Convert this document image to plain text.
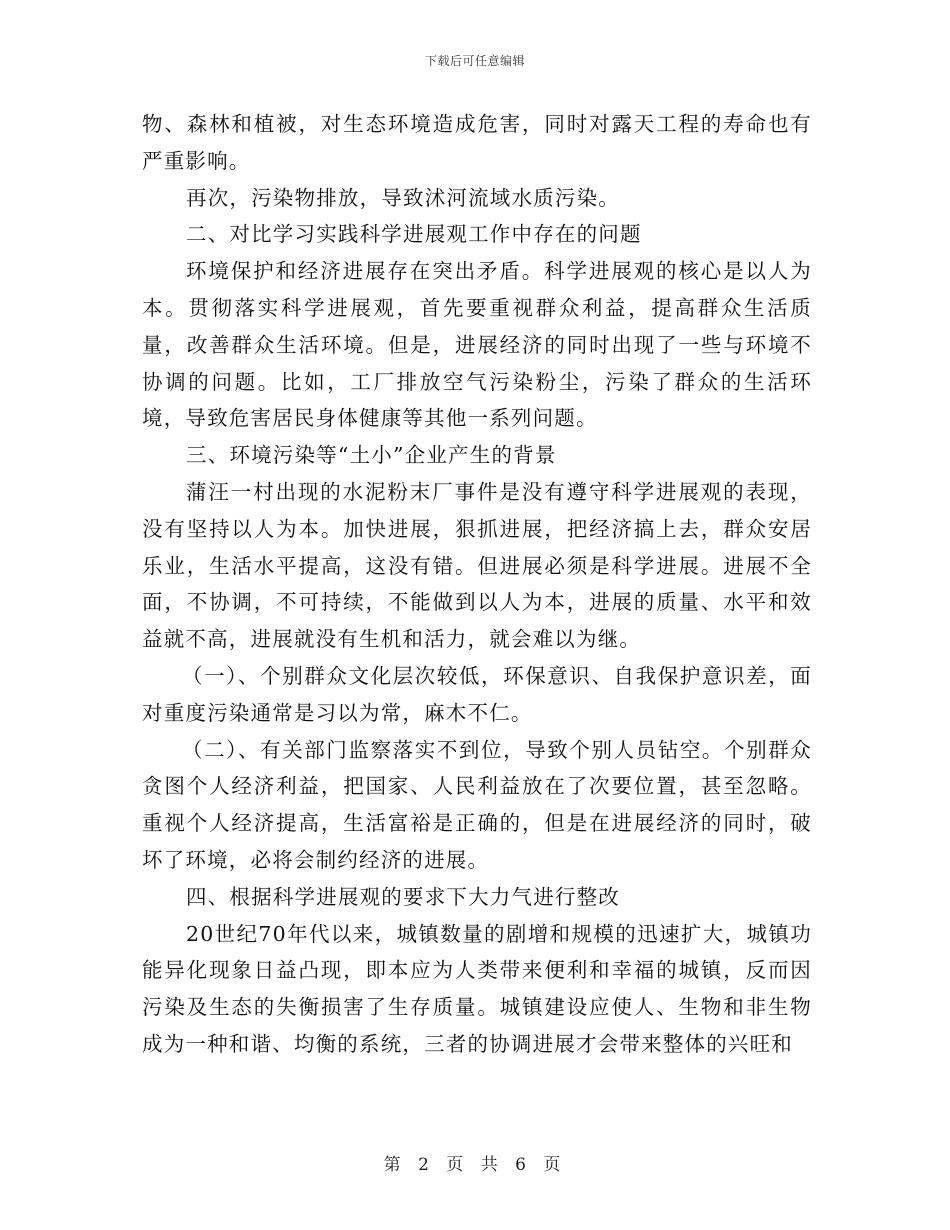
下载后可任意编辑

物、森林和植被，对生态环境造成危害，同时对露天工程的寿命也有严重影响。

再次，污染物排放，导致沭河流域水质污染。

二、对比学习实践科学进展观工作中存在的问题

环境保护和经济进展存在突出矛盾。科学进展观的核心是以人为本。贯彻落实科学进展观，首先要重视群众利益，提高群众生活质量，改善群众生活环境。但是，进展经济的同时出现了一些与环境不协调的问题。比如，工厂排放空气污染粉尘，污染了群众的生活环境，导致危害居民身体健康等其他一系列问题。

三、环境污染等“土小”企业产生的背景

蒲汪一村出现的水泥粉末厂事件是没有遵守科学进展观的表现，没有坚持以人为本。加快进展，狠抓进展，把经济搞上去，群众安居乐业，生活水平提高，这没有错。但进展必须是科学进展。进展不全面，不协调，不可持续，不能做到以人为本，进展的质量、水平和效益就不高，进展就没有生机和活力，就会难以为继。

（一）、个别群众文化层次较低，环保意识、自我保护意识差，面对重度污染通常是习以为常，麻木不仁。

（二）、有关部门监察落实不到位，导致个别人员钻空。个别群众贪图个人经济利益，把国家、人民利益放在了次要位置，甚至忽略。重视个人经济提高，生活富裕是正确的，但是在进展经济的同时，破坏了环境，必将会制约经济的进展。

四、根据科学进展观的要求下大力气进行整改

20世纪70年代以来，城镇数量的剧增和规模的迅速扩大，城镇功能异化现象日益凸现，即本应为人类带来便利和幸福的城镇，反而因污染及生态的失衡损害了生存质量。城镇建设应使人、生物和非生物成为一种和谐、均衡的系统，三者的协调进展才会带来整体的兴旺和

第 2 页 共 6 页
